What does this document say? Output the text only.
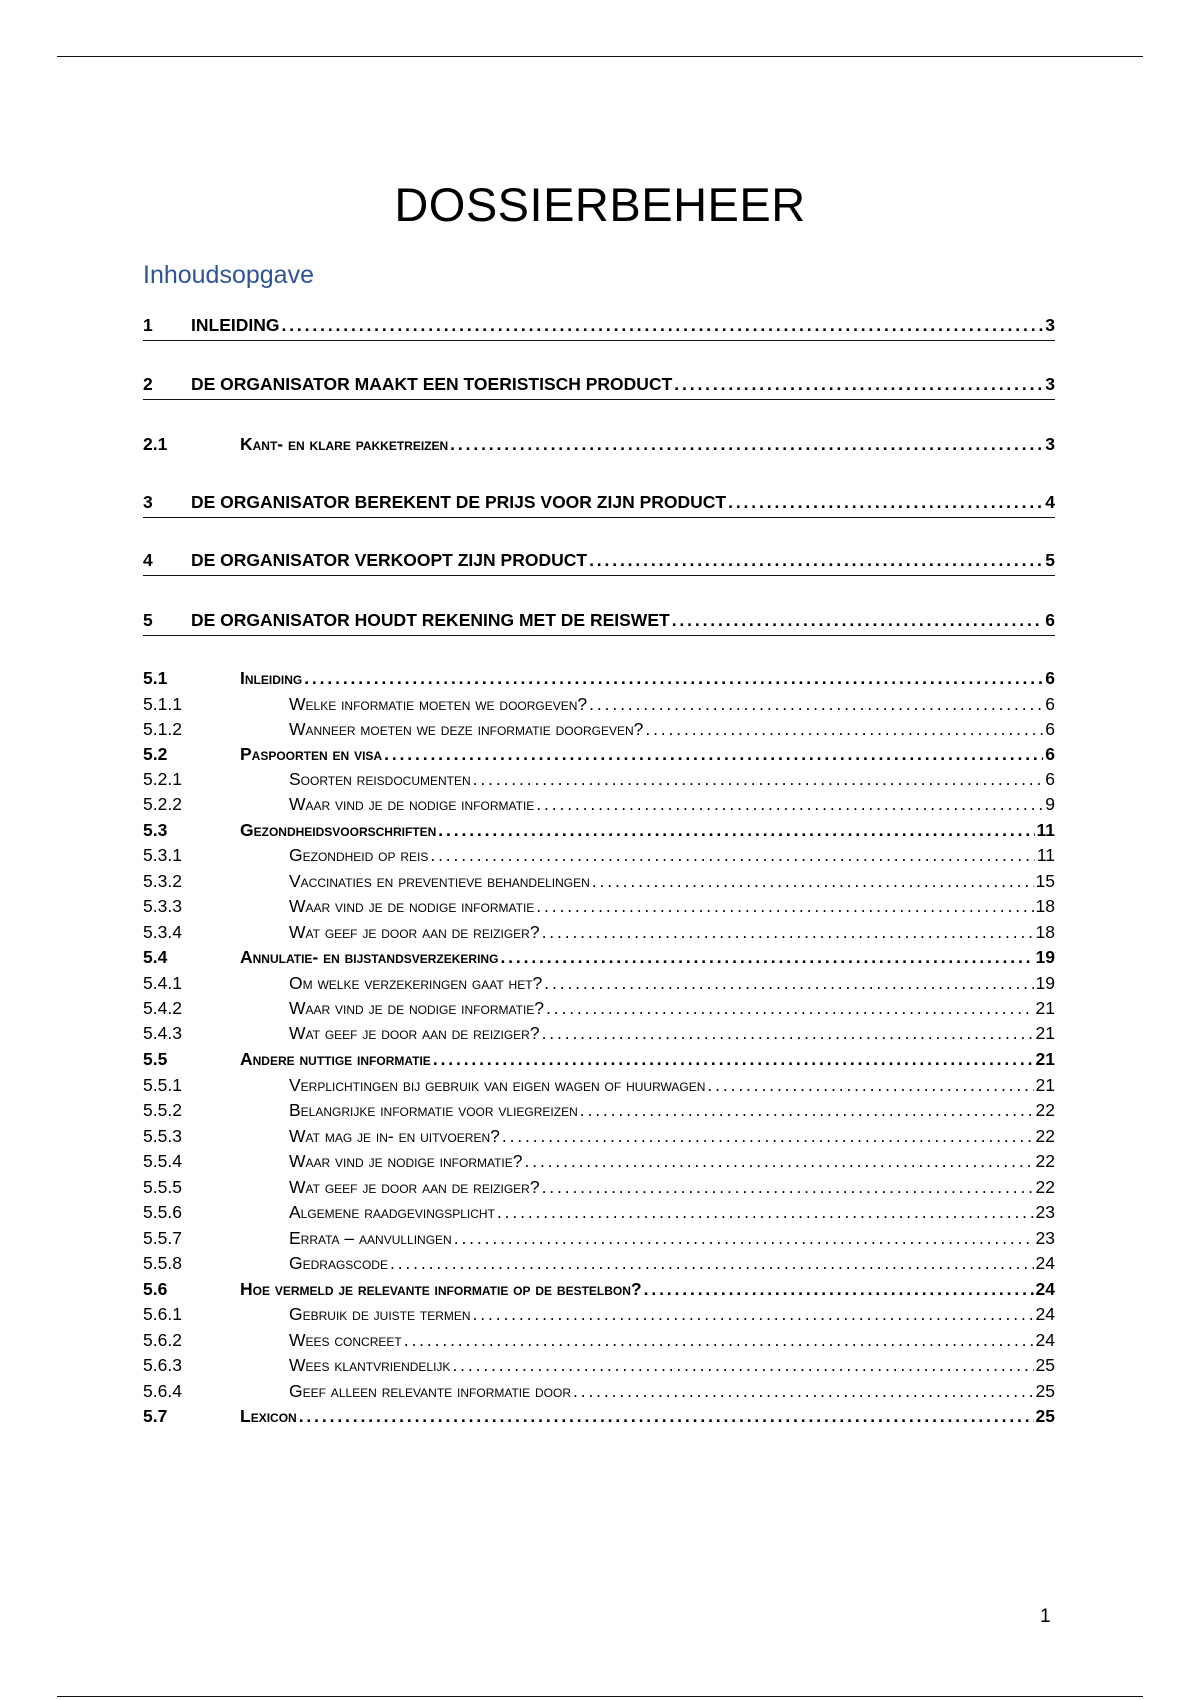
DOSSIERBEHEER
Inhoudsopgave
1	INLEIDING . . .	3
2	DE ORGANISATOR MAAKT EEN TOERISTISCH PRODUCT . . .	3
2.1	Kant- en klare pakketreizen . . .	3
3	DE ORGANISATOR BEREKENT DE PRIJS VOOR ZIJN PRODUCT . . .	4
4	DE ORGANISATOR VERKOOPT ZIJN PRODUCT . . .	5
5	DE ORGANISATOR HOUDT REKENING MET DE REISWET . . .	6
5.1	Inleiding . . .	6
5.1.1	Welke informatie moeten we doorgeven? . . .	6
5.1.2	Wanneer moeten we deze informatie doorgeven? . . .	6
5.2	Paspoorten en visa . . .	6
5.2.1	Soorten reisdocumenten . . .	6
5.2.2	Waar vind je de nodige informatie . . .	9
5.3	Gezondheidsvoorschriften . . .	11
5.3.1	Gezondheid op reis . . .	11
5.3.2	Vaccinaties en preventieve behandelingen . . .	15
5.3.3	Waar vind je de nodige informatie . . .	18
5.3.4	Wat geef je door aan de reiziger? . . .	18
5.4	Annulatie- en bijstandsverzekering . . .	19
5.4.1	Om welke verzekeringen gaat het? . . .	19
5.4.2	Waar vind je de nodige informatie? . . .	21
5.4.3	Wat geef je door aan de reiziger? . . .	21
5.5	Andere nuttige informatie . . .	21
5.5.1	Verplichtingen bij gebruik van eigen wagen of huurwagen . . .	21
5.5.2	Belangrijke informatie voor vliegreizen . . .	22
5.5.3	Wat mag je in- en uitvoeren? . . .	22
5.5.4	Waar vind je nodige informatie? . . .	22
5.5.5	Wat geef je door aan de reiziger? . . .	22
5.5.6	Algemene raadgevingsplicht . . .	23
5.5.7	Errata – aanvullingen . . .	23
5.5.8	Gedragscode . . .	24
5.6	Hoe vermeld je relevante informatie op de bestelbon? . . .	24
5.6.1	Gebruik de juiste termen . . .	24
5.6.2	Wees concreet . . .	24
5.6.3	Wees klantvriendelijk . . .	25
5.6.4	Geef alleen relevante informatie door . . .	25
5.7	Lexicon . . .	25
1
